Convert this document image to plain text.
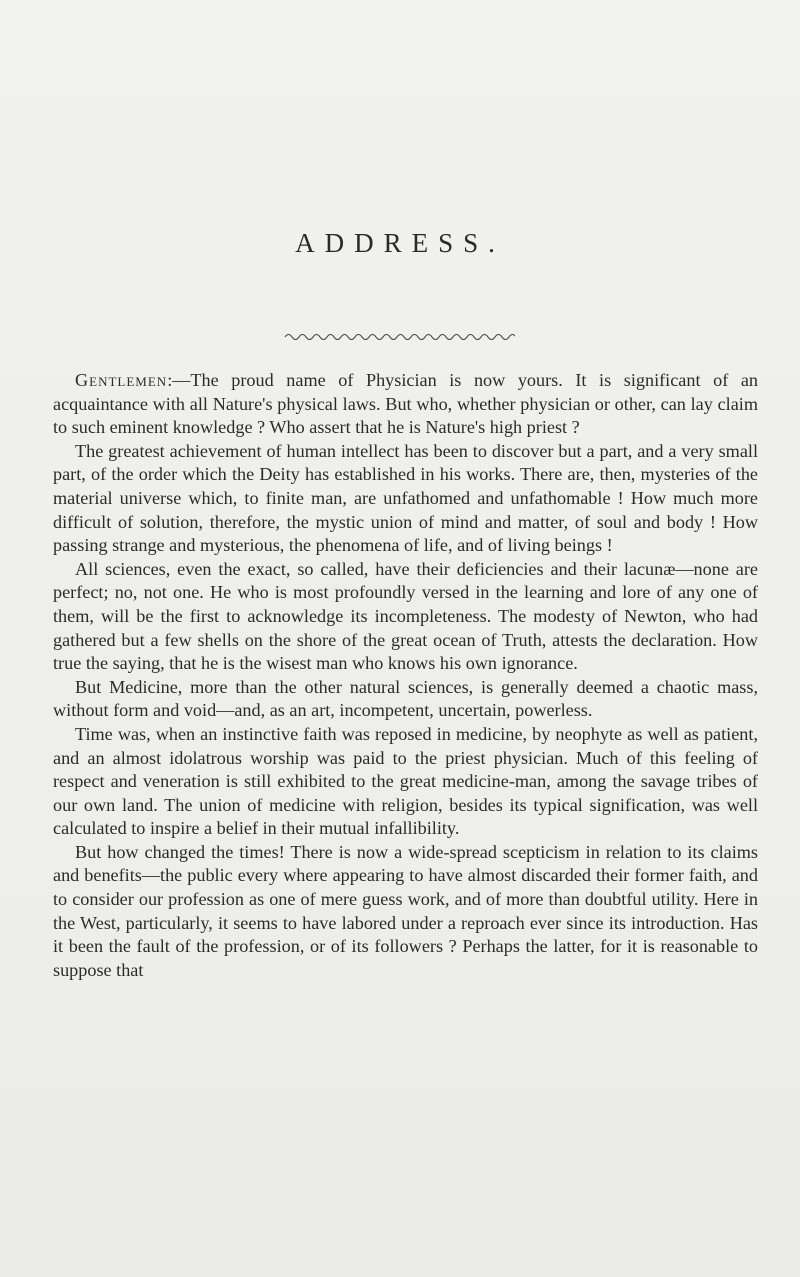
ADDRESS.

Gentlemen:—The proud name of Physician is now yours. It is significant of an acquaintance with all Nature's physical laws. But who, whether physician or other, can lay claim to such eminent knowledge ? Who assert that he is Nature's high priest ?

The greatest achievement of human intellect has been to discover but a part, and a very small part, of the order which the Deity has established in his works. There are, then, mysteries of the material universe which, to finite man, are unfathomed and unfathomable ! How much more difficult of solution, therefore, the mystic union of mind and matter, of soul and body ! How passing strange and mysterious, the phenomena of life, and of living beings !

All sciences, even the exact, so called, have their deficiencies and their lacunæ—none are perfect; no, not one. He who is most profoundly versed in the learning and lore of any one of them, will be the first to acknowledge its incompleteness. The modesty of Newton, who had gathered but a few shells on the shore of the great ocean of Truth, attests the declaration. How true the saying, that he is the wisest man who knows his own ignorance.

But Medicine, more than the other natural sciences, is generally deemed a chaotic mass, without form and void—and, as an art, incompetent, uncertain, powerless.

Time was, when an instinctive faith was reposed in medicine, by neophyte as well as patient, and an almost idolatrous worship was paid to the priest physician. Much of this feeling of respect and veneration is still exhibited to the great medicine-man, among the savage tribes of our own land. The union of medicine with religion, besides its typical signification, was well calculated to inspire a belief in their mutual infallibility.

But how changed the times! There is now a wide-spread scepticism in relation to its claims and benefits—the public every where appearing to have almost discarded their former faith, and to consider our profession as one of mere guess work, and of more than doubtful utility. Here in the West, particularly, it seems to have labored under a reproach ever since its introduction. Has it been the fault of the profession, or of its followers ? Perhaps the latter, for it is reasonable to suppose that
